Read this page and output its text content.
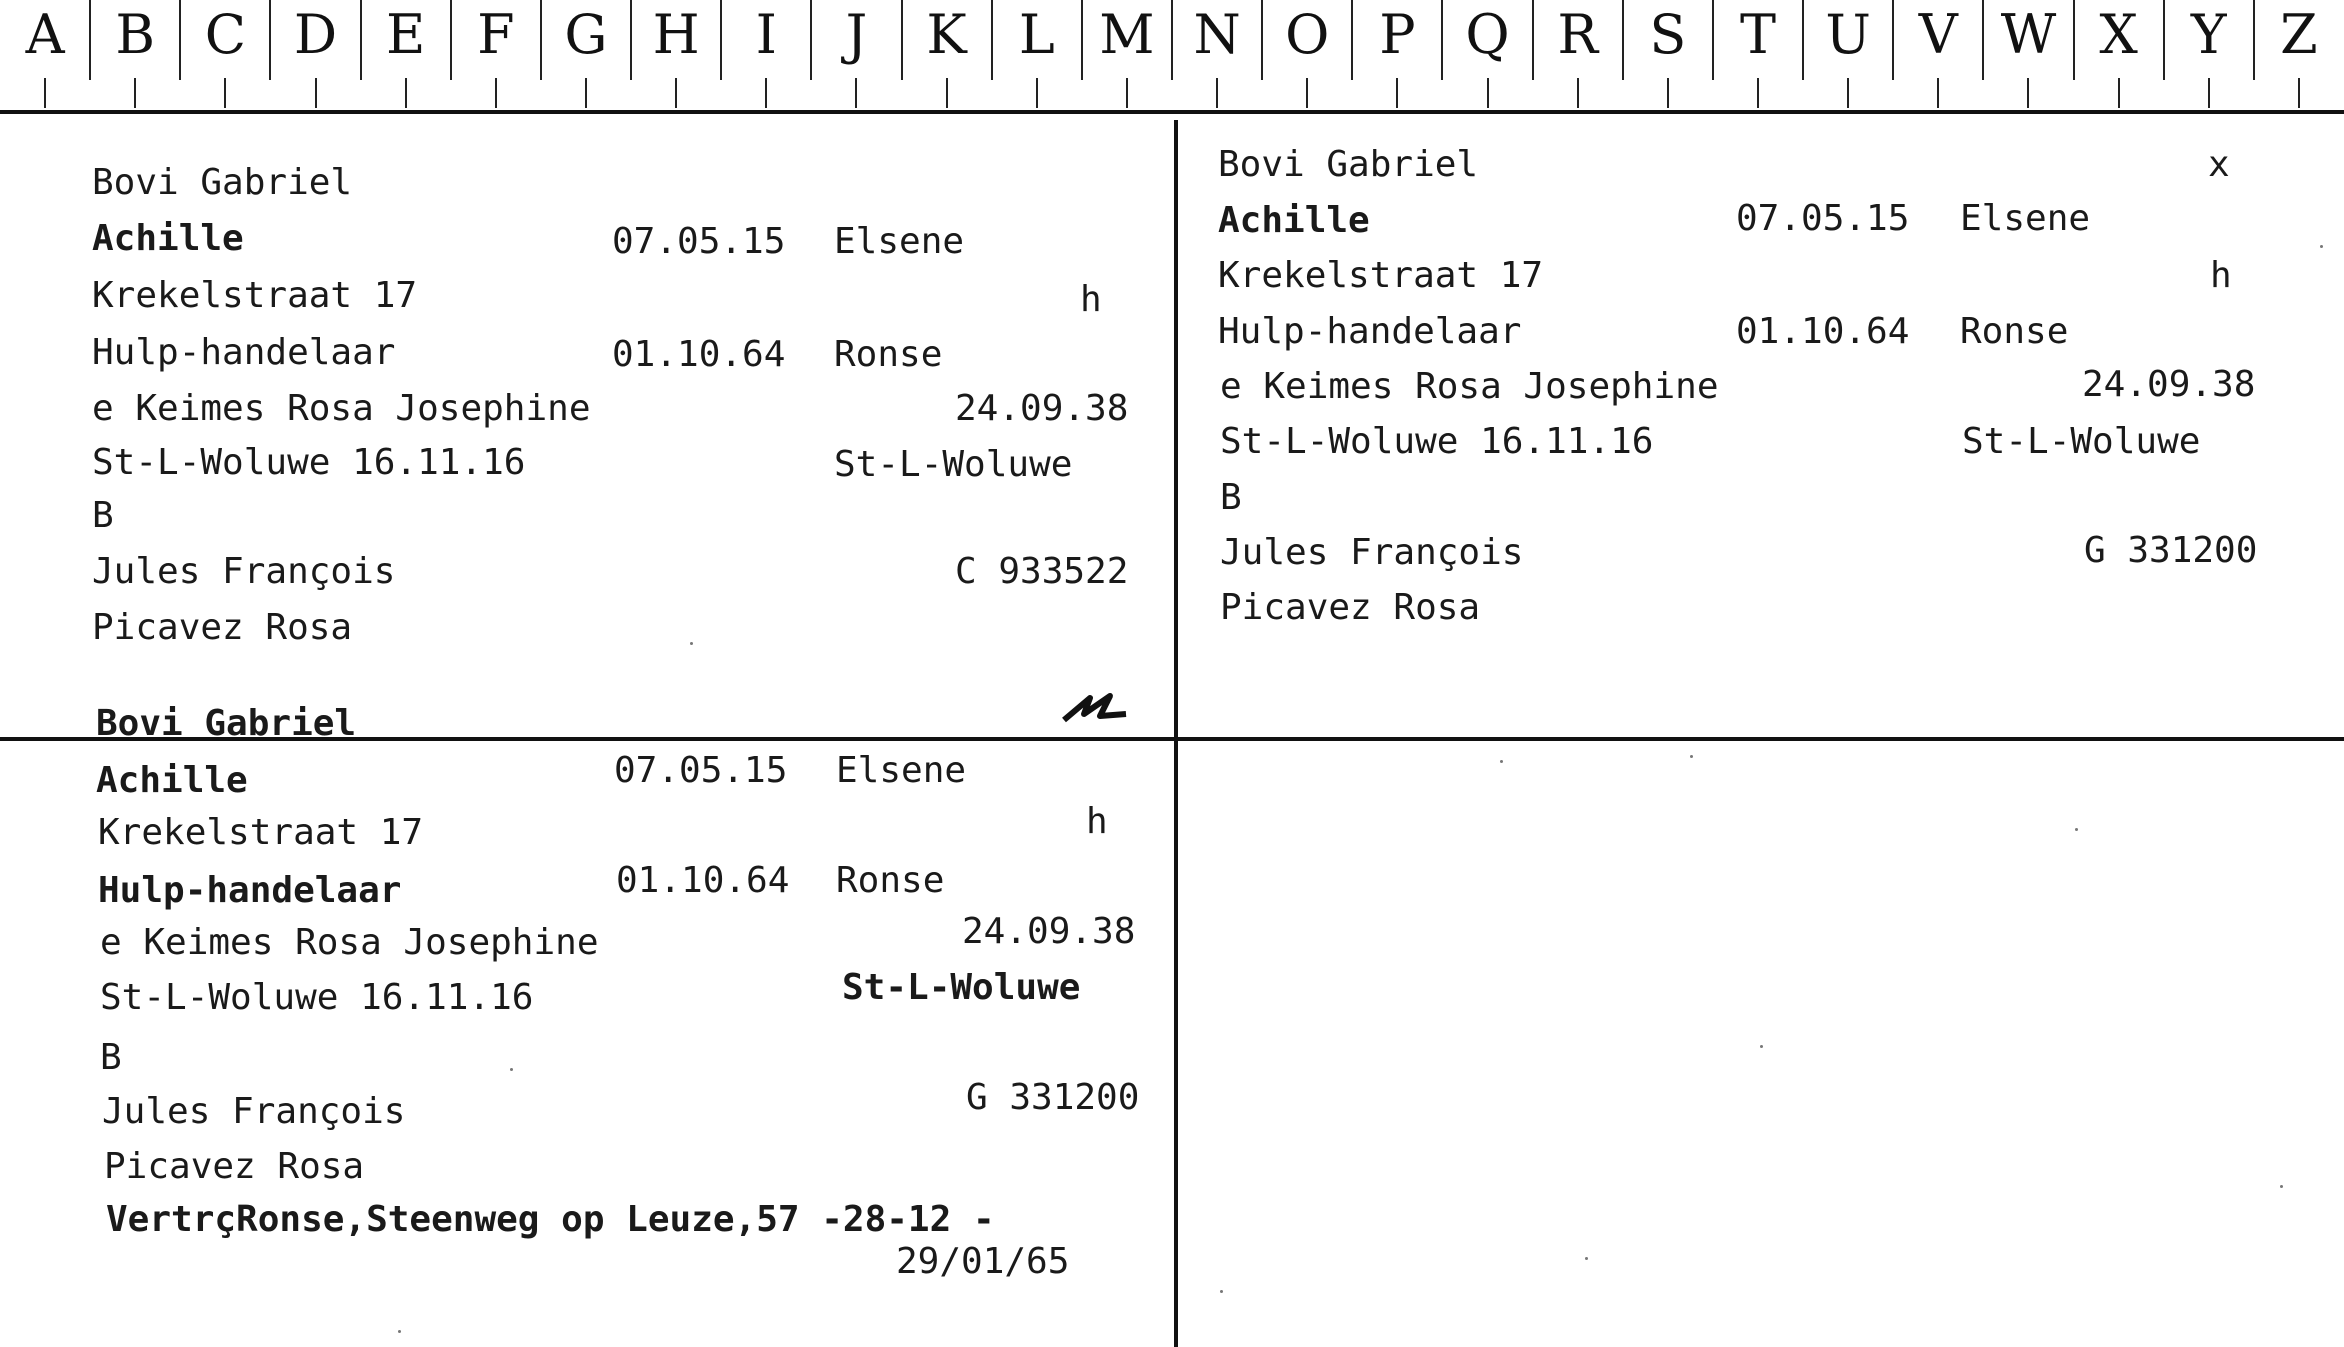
A B C D E F G H	I	J	K L M N O P Q R S T U V W X Y Z
Bovi Gabriel
Achille	07.05.15 Elsene
Krekelstraat 17	h
Hulp-handelaar	01.10.64 Ronse
e Keimes Rosa Josephine	24.09.38
St-L-Woluwe 16.11.16	St-L-Woluwe
B
Jules François	C 933522
Picavez Rosa
Bovi Gabriel
Achille	07.05.15 Elsene
Krekelstraat 17	h
Hulp-handelaar	01.10.64 Ronse
e Keimes Rosa Josephine	24.09.38
St-L-Woluwe 16.11.16	St-L-Woluwe
B
Jules François	G 331200
Picavez Rosa
VertrçRonse,Steenweg op Leuze,57 -28-12 -
29/01/65
Bovi Gabriel	x
Achille	07.05.15 Elsene
Krekelstraat 17	h
Hulp-handelaar	01.10.64 Ronse
e Keimes Rosa Josephine	24.09.38
St-L-Woluwe 16.11.16	St-L-Woluwe
B
Jules François	G 331200
Picavez Rosa
